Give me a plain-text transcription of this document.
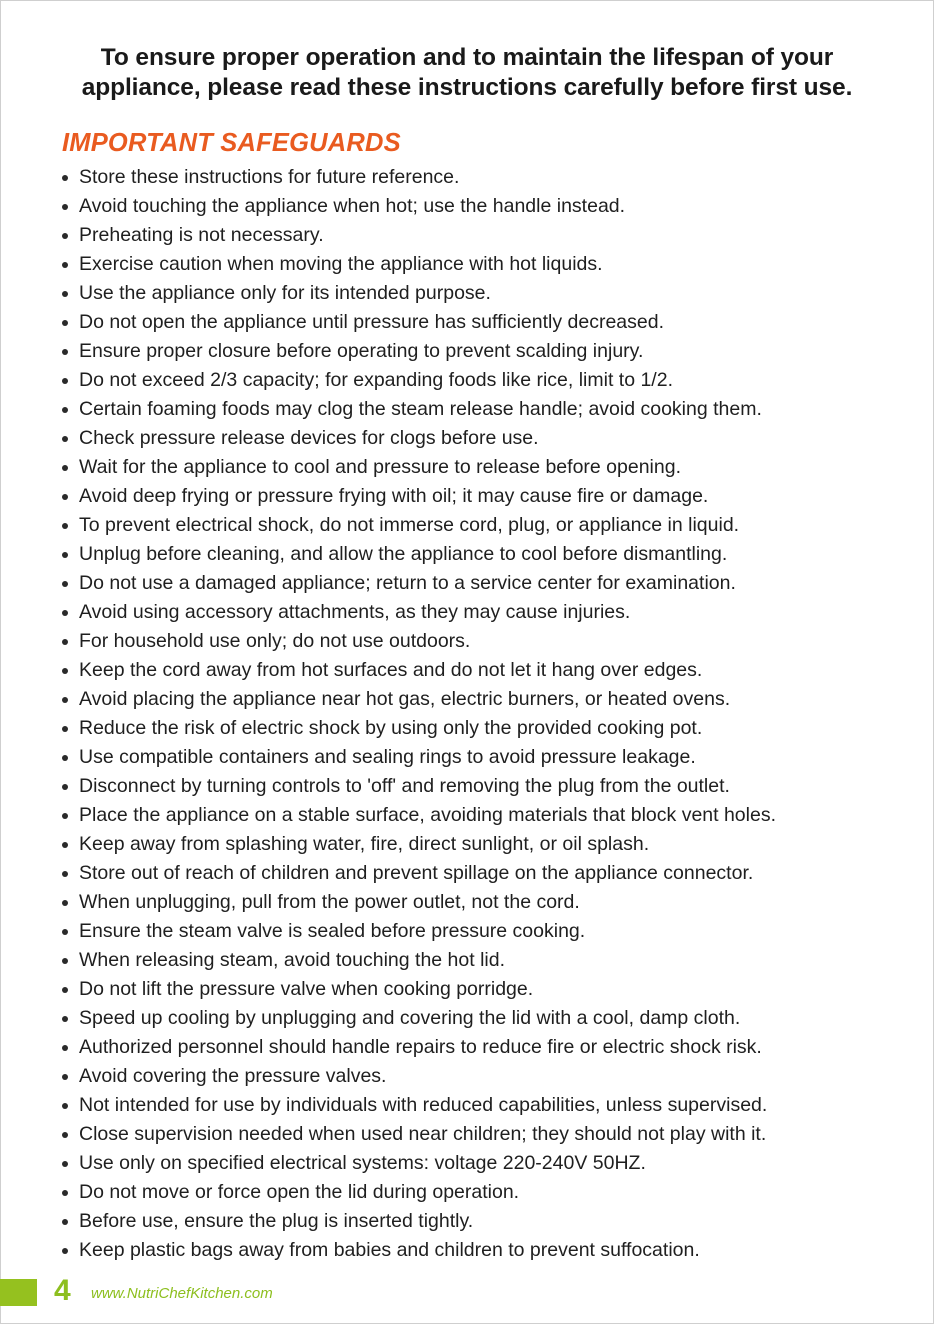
To ensure proper operation and to maintain the lifespan of your
appliance, please read these instructions carefully before first use.
IMPORTANT SAFEGUARDS
Store these instructions for future reference.
Avoid touching the appliance when hot; use the handle instead.
Preheating is not necessary.
Exercise caution when moving the appliance with hot liquids.
Use the appliance only for its intended purpose.
Do not open the appliance until pressure has sufficiently decreased.
Ensure proper closure before operating to prevent scalding injury.
Do not exceed 2/3 capacity; for expanding foods like rice, limit to 1/2.
Certain foaming foods may clog the steam release handle; avoid cooking them.
Check pressure release devices for clogs before use.
Wait for the appliance to cool and pressure to release before opening.
Avoid deep frying or pressure frying with oil; it may cause fire or damage.
To prevent electrical shock, do not immerse cord, plug, or appliance in liquid.
Unplug before cleaning, and allow the appliance to cool before dismantling.
Do not use a damaged appliance; return to a service center for examination.
Avoid using accessory attachments, as they may cause injuries.
For household use only; do not use outdoors.
Keep the cord away from hot surfaces and do not let it hang over edges.
Avoid placing the appliance near hot gas, electric burners, or heated ovens.
Reduce the risk of electric shock by using only the provided cooking pot.
Use compatible containers and sealing rings to avoid pressure leakage.
Disconnect by turning controls to 'off' and removing the plug from the outlet.
Place the appliance on a stable surface, avoiding materials that block vent holes.
Keep away from splashing water, fire, direct sunlight, or oil splash.
Store out of reach of children and prevent spillage on the appliance connector.
When unplugging, pull from the power outlet, not the cord.
Ensure the steam valve is sealed before pressure cooking.
When releasing steam, avoid touching the hot lid.
Do not lift the pressure valve when cooking porridge.
Speed up cooling by unplugging and covering the lid with a cool, damp cloth.
Authorized personnel should handle repairs to reduce fire or electric shock risk.
Avoid covering the pressure valves.
Not intended for use by individuals with reduced capabilities, unless supervised.
Close supervision needed when used near children; they should not play with it.
Use only on specified electrical systems: voltage 220-240V 50HZ.
Do not move or force open the lid during operation.
Before use, ensure the plug is inserted tightly.
Keep plastic bags away from babies and children to prevent suffocation.
4 www.NutriChefKitchen.com
